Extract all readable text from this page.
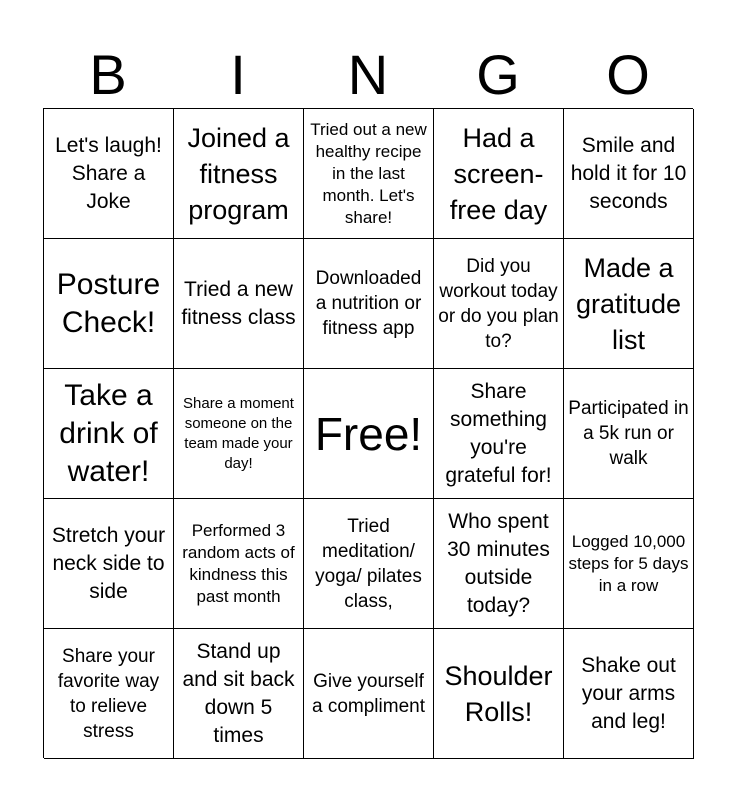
B	I	N	G	O
Let's laugh! Share a Joke
Joined a fitness program
Tried out a new healthy recipe in the last month. Let's share!
Had a screen-free day
Smile and hold it for 10 seconds
Posture Check!
Tried a new fitness class
Downloaded a nutrition or fitness app
Did you workout today or do you plan to?
Made a gratitude list
Take a drink of water!
Share a moment someone on the team made your day!
Free!
Share something you're grateful for!
Participated in a 5k run or walk
Stretch your neck side to side
Performed 3 random acts of kindness this past month
Tried meditation/ yoga/ pilates class,
Who spent 30 minutes outside today?
Logged 10,000 steps for 5 days in a row
Share your favorite way to relieve stress
Stand up and sit back down 5 times
Give yourself a compliment
Shoulder Rolls!
Shake out your arms and leg!
